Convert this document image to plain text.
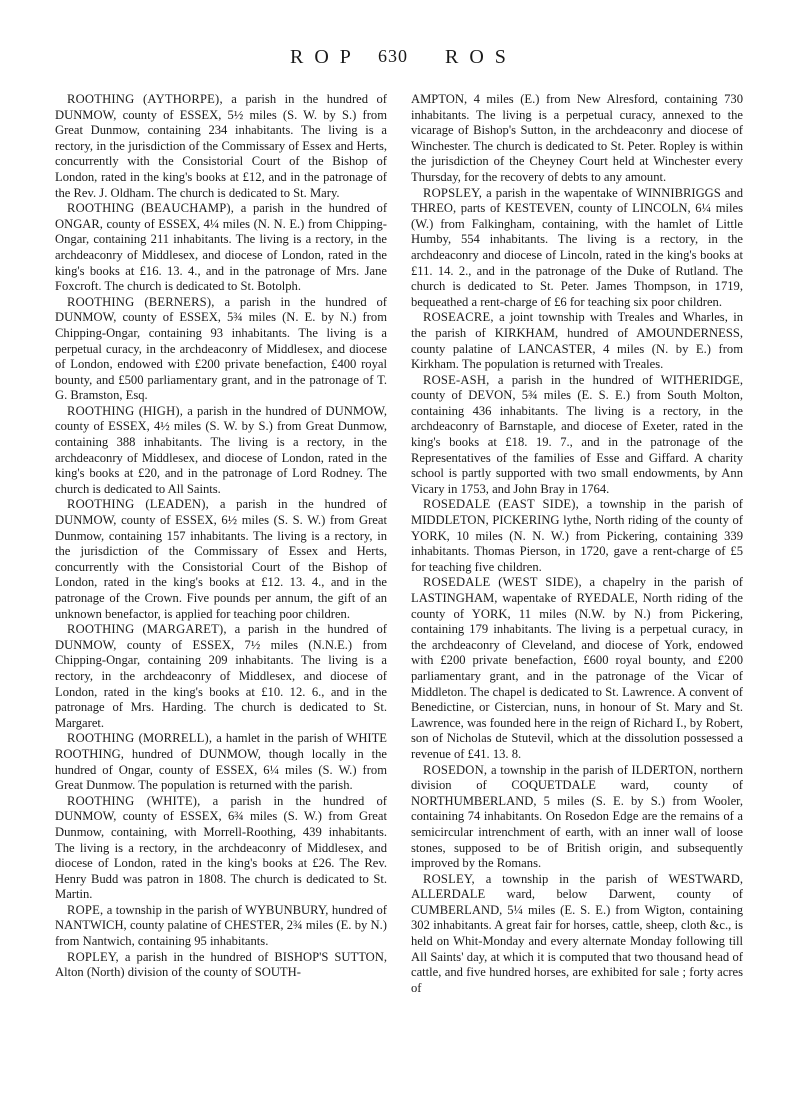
R O P 630 R O S

ROOTHING (AYTHORPE), a parish in the hundred of DUNMOW, county of ESSEX, 5½ miles (S. W. by S.) from Great Dunmow, containing 234 inhabitants. The living is a rectory, in the jurisdiction of the Commissary of Essex and Herts, concurrently with the Consistorial Court of the Bishop of London, rated in the king's books at £12, and in the patronage of the Rev. J. Oldham. The church is dedicated to St. Mary.

ROOTHING (BEAUCHAMP), a parish in the hundred of ONGAR, county of ESSEX, 4¼ miles (N. N. E.) from Chipping-Ongar, containing 211 inhabitants. The living is a rectory, in the archdeaconry of Middlesex, and diocese of London, rated in the king's books at £16. 13. 4., and in the patronage of Mrs. Jane Foxcroft. The church is dedicated to St. Botolph.

ROOTHING (BERNERS), a parish in the hundred of DUNMOW, county of ESSEX, 5¾ miles (N. E. by N.) from Chipping-Ongar, containing 93 inhabitants. The living is a perpetual curacy, in the archdeaconry of Middlesex, and diocese of London, endowed with £200 private benefaction, £400 royal bounty, and £500 parliamentary grant, and in the patronage of T. G. Bramston, Esq.

ROOTHING (HIGH), a parish in the hundred of DUNMOW, county of ESSEX, 4½ miles (S. W. by S.) from Great Dunmow, containing 388 inhabitants. The living is a rectory, in the archdeaconry of Middlesex, and diocese of London, rated in the king's books at £20, and in the patronage of Lord Rodney. The church is dedicated to All Saints.

ROOTHING (LEADEN), a parish in the hundred of DUNMOW, county of ESSEX, 6½ miles (S. S. W.) from Great Dunmow, containing 157 inhabitants. The living is a rectory, in the jurisdiction of the Commissary of Essex and Herts, concurrently with the Consistorial Court of the Bishop of London, rated in the king's books at £12. 13. 4., and in the patronage of the Crown. Five pounds per annum, the gift of an unknown benefactor, is applied for teaching poor children.

ROOTHING (MARGARET), a parish in the hundred of DUNMOW, county of ESSEX, 7½ miles (N.N.E.) from Chipping-Ongar, containing 209 inhabitants. The living is a rectory, in the archdeaconry of Middlesex, and diocese of London, rated in the king's books at £10. 12. 6., and in the patronage of Mrs. Harding. The church is dedicated to St. Margaret.

ROOTHING (MORRELL), a hamlet in the parish of WHITE ROOTHING, hundred of DUNMOW, though locally in the hundred of Ongar, county of ESSEX, 6¼ miles (S. W.) from Great Dunmow. The population is returned with the parish.

ROOTHING (WHITE), a parish in the hundred of DUNMOW, county of ESSEX, 6¾ miles (S. W.) from Great Dunmow, containing, with Morrell-Roothing, 439 inhabitants. The living is a rectory, in the archdeaconry of Middlesex, and diocese of London, rated in the king's books at £26. The Rev. Henry Budd was patron in 1808. The church is dedicated to St. Martin.

ROPE, a township in the parish of WYBUNBURY, hundred of NANTWICH, county palatine of CHESTER, 2¾ miles (E. by N.) from Nantwich, containing 95 inhabitants.

ROPLEY, a parish in the hundred of BISHOP'S SUTTON, Alton (North) division of the county of SOUTH-

AMPTON, 4 miles (E.) from New Alresford, containing 730 inhabitants. The living is a perpetual curacy, annexed to the vicarage of Bishop's Sutton, in the archdeaconry and diocese of Winchester. The church is dedicated to St. Peter. Ropley is within the jurisdiction of the Cheyney Court held at Winchester every Thursday, for the recovery of debts to any amount.

ROPSLEY, a parish in the wapentake of WINNIBRIGGS and THREO, parts of KESTEVEN, county of LINCOLN, 6¼ miles (W.) from Falkingham, containing, with the hamlet of Little Humby, 554 inhabitants. The living is a rectory, in the archdeaconry and diocese of Lincoln, rated in the king's books at £11. 14. 2., and in the patronage of the Duke of Rutland. The church is dedicated to St. Peter. James Thompson, in 1719, bequeathed a rent-charge of £6 for teaching six poor children.

ROSEACRE, a joint township with Treales and Wharles, in the parish of KIRKHAM, hundred of AMOUNDERNESS, county palatine of LANCASTER, 4 miles (N. by E.) from Kirkham. The population is returned with Treales.

ROSE-ASH, a parish in the hundred of WITHERIDGE, county of DEVON, 5¾ miles (E. S. E.) from South Molton, containing 436 inhabitants. The living is a rectory, in the archdeaconry of Barnstaple, and diocese of Exeter, rated in the king's books at £18. 19. 7., and in the patronage of the Representatives of the families of Esse and Giffard. A charity school is partly supported with two small endowments, by Ann Vicary in 1753, and John Bray in 1764.

ROSEDALE (EAST SIDE), a township in the parish of MIDDLETON, PICKERING lythe, North riding of the county of YORK, 10 miles (N. N. W.) from Pickering, containing 339 inhabitants. Thomas Pierson, in 1720, gave a rent-charge of £5 for teaching five children.

ROSEDALE (WEST SIDE), a chapelry in the parish of LASTINGHAM, wapentake of RYEDALE, North riding of the county of YORK, 11 miles (N.W. by N.) from Pickering, containing 179 inhabitants. The living is a perpetual curacy, in the archdeaconry of Cleveland, and diocese of York, endowed with £200 private benefaction, £600 royal bounty, and £200 parliamentary grant, and in the patronage of the Vicar of Middleton. The chapel is dedicated to St. Lawrence. A convent of Benedictine, or Cistercian, nuns, in honour of St. Mary and St. Lawrence, was founded here in the reign of Richard I., by Robert, son of Nicholas de Stutevil, which at the dissolution possessed a revenue of £41. 13. 8.

ROSEDON, a township in the parish of ILDERTON, northern division of COQUETDALE ward, county of NORTHUMBERLAND, 5 miles (S. E. by S.) from Wooler, containing 74 inhabitants. On Rosedon Edge are the remains of a semicircular intrenchment of earth, with an inner wall of loose stones, supposed to be of British origin, and subsequently improved by the Romans.

ROSLEY, a township in the parish of WESTWARD, ALLERDALE ward, below Darwent, county of CUMBERLAND, 5¼ miles (E. S. E.) from Wigton, containing 302 inhabitants. A great fair for horses, cattle, sheep, cloth &c., is held on Whit-Monday and every alternate Monday following till All Saints' day, at which it is computed that two thousand head of cattle, and five hundred horses, are exhibited for sale ; forty acres of
